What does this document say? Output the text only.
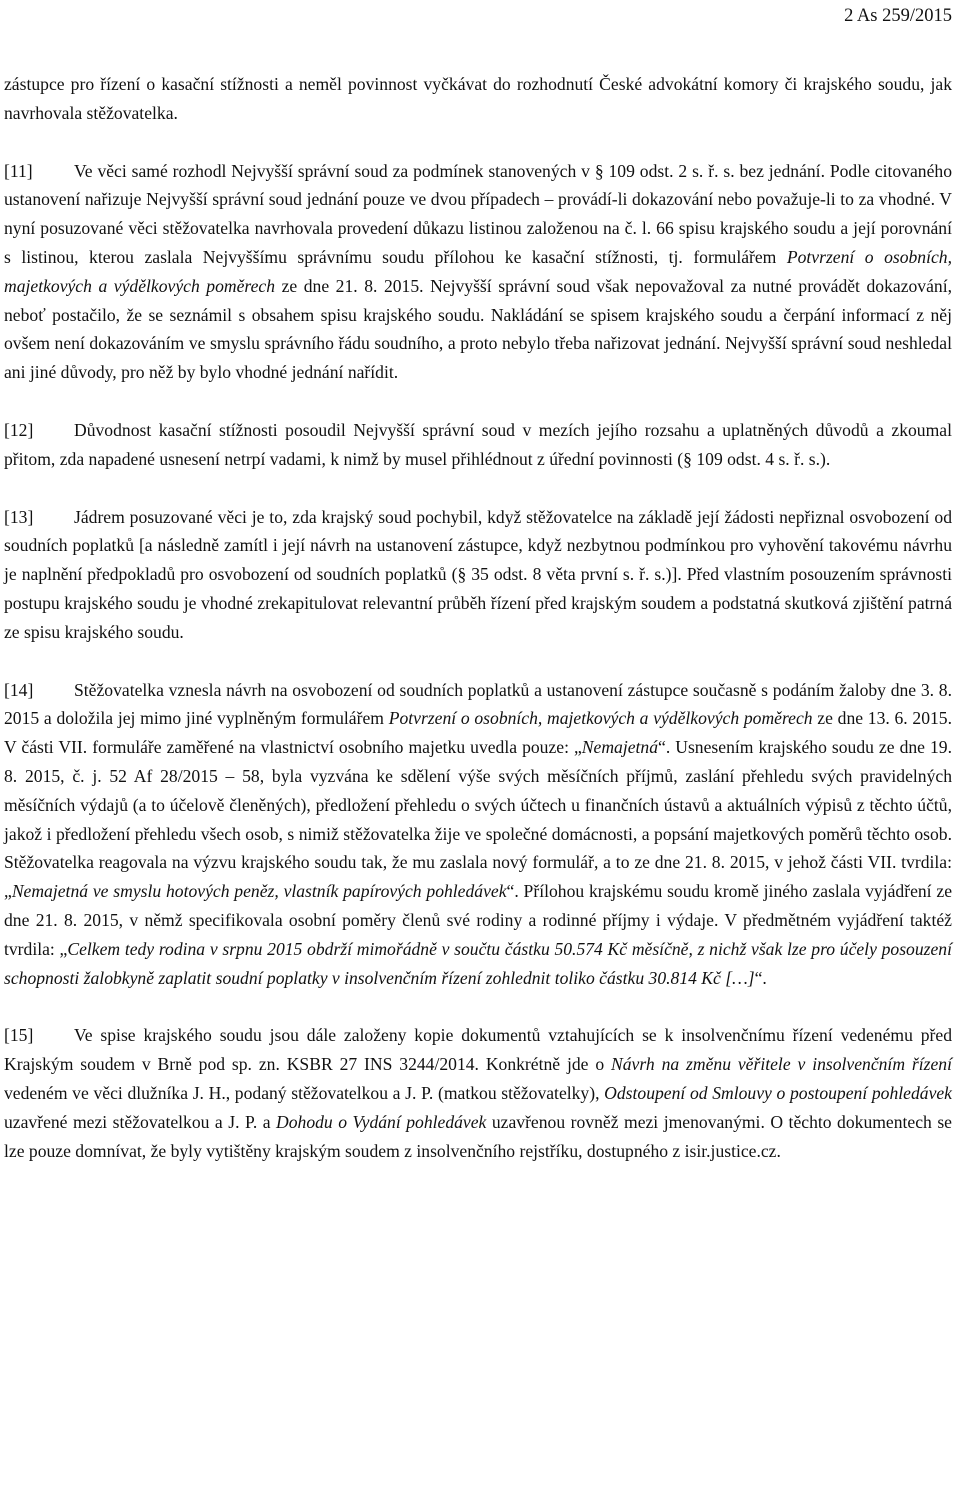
2 As 259/2015

zástupce pro řízení o kasační stížnosti a neměl povinnost vyčkávat do rozhodnutí České advokátní komory či krajského soudu, jak navrhovala stěžovatelka.

[11] Ve věci samé rozhodl Nejvyšší správní soud za podmínek stanovených v § 109 odst. 2 s. ř. s. bez jednání. Podle citovaného ustanovení nařizuje Nejvyšší správní soud jednání pouze ve dvou případech – provádí-li dokazování nebo považuje-li to za vhodné. V nyní posuzované věci stěžovatelka navrhovala provedení důkazu listinou založenou na č. l. 66 spisu krajského soudu a její porovnání s listinou, kterou zaslala Nejvyššímu správnímu soudu přílohou ke kasační stížnosti, tj. formulářem Potvrzení o osobních, majetkových a výdělkových poměrech ze dne 21. 8. 2015. Nejvyšší správní soud však nepovažoval za nutné provádět dokazování, neboť postačilo, že se seznámil s obsahem spisu krajského soudu. Nakládání se spisem krajského soudu a čerpání informací z něj ovšem není dokazováním ve smyslu správního řádu soudního, a proto nebylo třeba nařizovat jednání. Nejvyšší správní soud neshledal ani jiné důvody, pro něž by bylo vhodné jednání nařídit.

[12] Důvodnost kasační stížnosti posoudil Nejvyšší správní soud v mezích jejího rozsahu a uplatněných důvodů a zkoumal přitom, zda napadené usnesení netrpí vadami, k nimž by musel přihlédnout z úřední povinnosti (§ 109 odst. 4 s. ř. s.).

[13] Jádrem posuzované věci je to, zda krajský soud pochybil, když stěžovatelce na základě její žádosti nepřiznal osvobození od soudních poplatků [a následně zamítl i její návrh na ustanovení zástupce, když nezbytnou podmínkou pro vyhovění takovému návrhu je naplnění předpokladů pro osvobození od soudních poplatků (§ 35 odst. 8 věta první s. ř. s.)]. Před vlastním posouzením správnosti postupu krajského soudu je vhodné zrekapitulovat relevantní průběh řízení před krajským soudem a podstatná skutková zjištění patrná ze spisu krajského soudu.

[14] Stěžovatelka vznesla návrh na osvobození od soudních poplatků a ustanovení zástupce současně s podáním žaloby dne 3. 8. 2015 a doložila jej mimo jiné vyplněným formulářem Potvrzení o osobních, majetkových a výdělkových poměrech ze dne 13. 6. 2015. V části VII. formuláře zaměřené na vlastnictví osobního majetku uvedla pouze: „Nemajetná“. Usnesením krajského soudu ze dne 19. 8. 2015, č. j. 52 Af 28/2015 – 58, byla vyzvána ke sdělení výše svých měsíčních příjmů, zaslání přehledu svých pravidelných měsíčních výdajů (a to účelově členěných), předložení přehledu o svých účtech u finančních ústavů a aktuálních výpisů z těchto účtů, jakož i předložení přehledu všech osob, s nimiž stěžovatelka žije ve společné domácnosti, a popsání majetkových poměrů těchto osob. Stěžovatelka reagovala na výzvu krajského soudu tak, že mu zaslala nový formulář, a to ze dne 21. 8. 2015, v jehož části VII. tvrdila: „Nemajetná ve smyslu hotových peněz, vlastník papírových pohledávek“. Přílohou krajskému soudu kromě jiného zaslala vyjádření ze dne 21. 8. 2015, v němž specifikovala osobní poměry členů své rodiny a rodinné příjmy i výdaje. V předmětném vyjádření taktéž tvrdila: „Celkem tedy rodina v srpnu 2015 obdrží mimořádně v součtu částku 50.574 Kč měsíčně, z nichž však lze pro účely posouzení schopnosti žalobkyně zaplatit soudní poplatky v insolvenčním řízení zohlednit toliko částku 30.814 Kč […]“.

[15] Ve spise krajského soudu jsou dále založeny kopie dokumentů vztahujících se k insolvenčnímu řízení vedenému před Krajským soudem v Brně pod sp. zn. KSBR 27 INS 3244/2014. Konkrétně jde o Návrh na změnu věřitele v insolvenčním řízení vedeném ve věci dlužníka J. H., podaný stěžovatelkou a J. P. (matkou stěžovatelky), Odstoupení od Smlouvy o postoupení pohledávek uzavřené mezi stěžovatelkou a J. P. a Dohodu o Vydání pohledávek uzavřenou rovněž mezi jmenovanými. O těchto dokumentech se lze pouze domnívat, že byly vytištěny krajským soudem z insolvenčního rejstříku, dostupného z isir.justice.cz.
